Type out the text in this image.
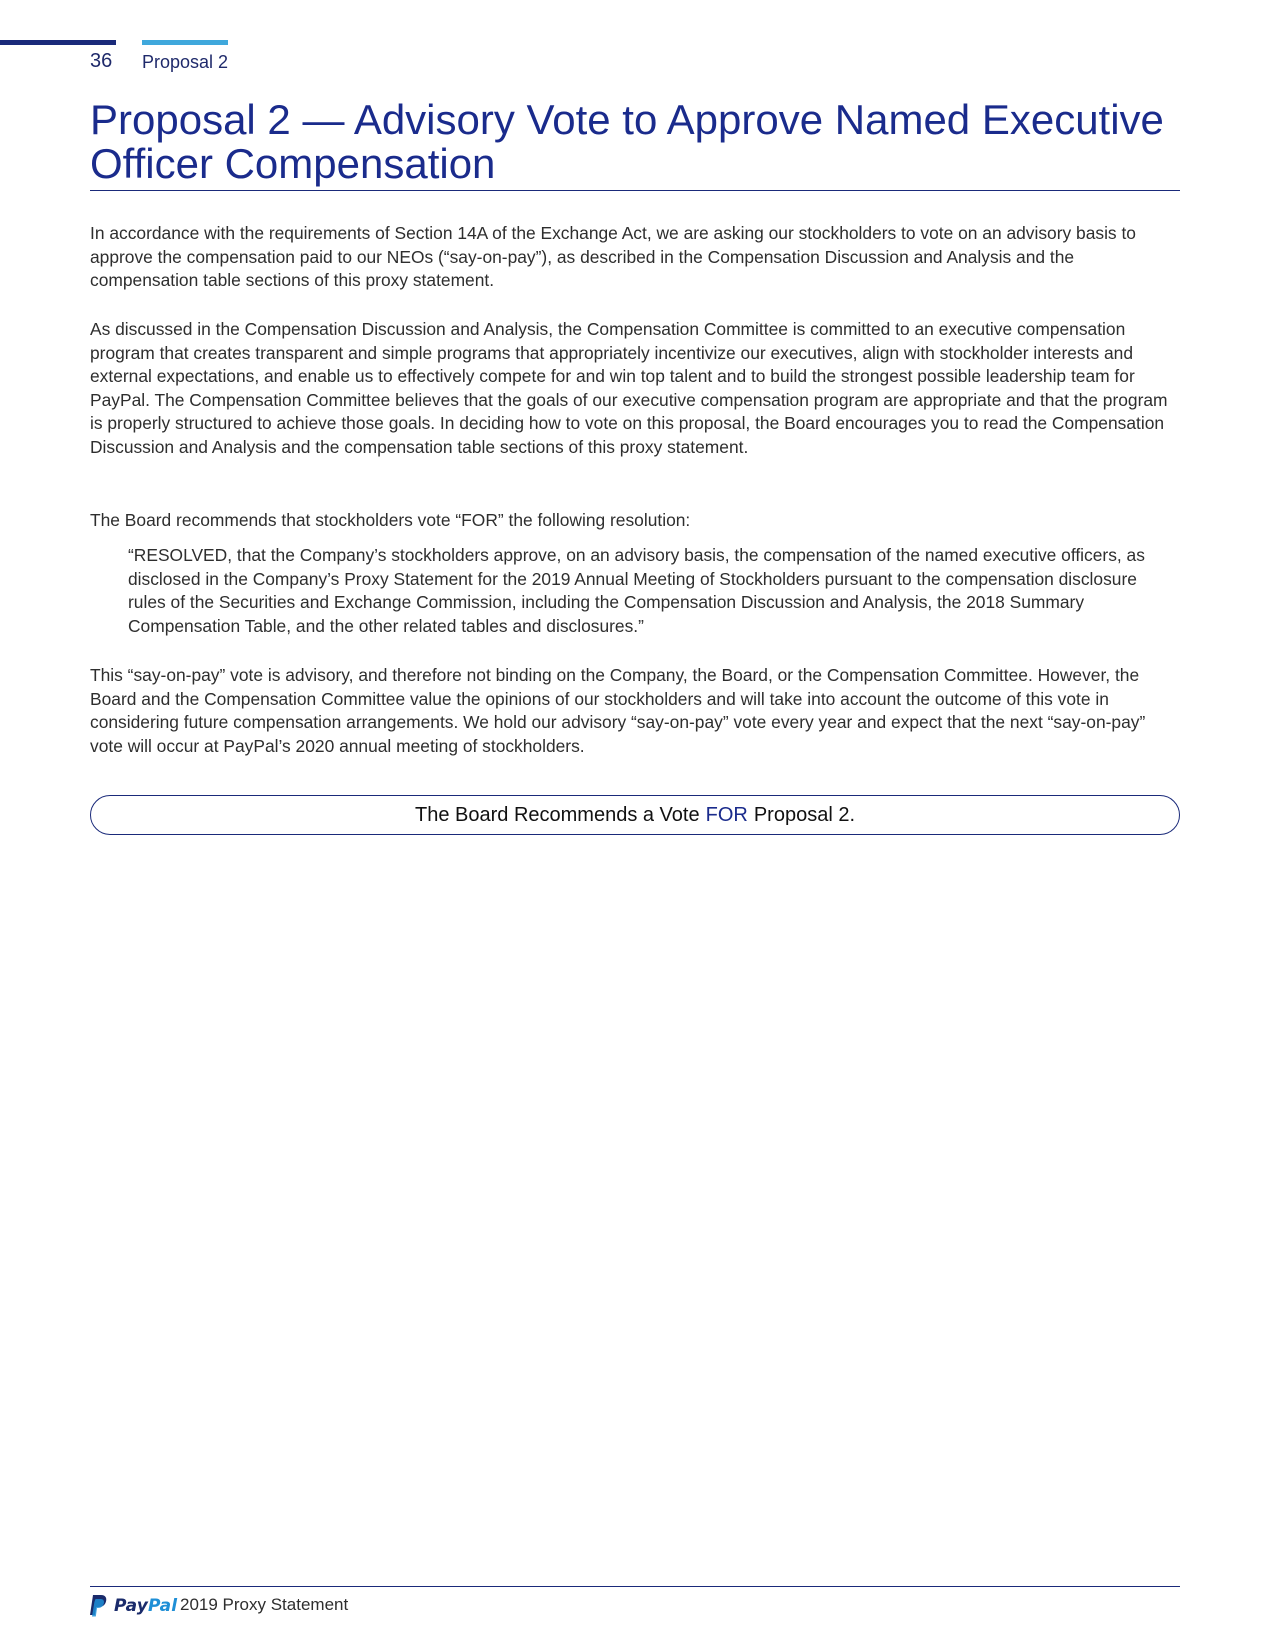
36 Proposal 2
Proposal 2 — Advisory Vote to Approve Named Executive Officer Compensation

In accordance with the requirements of Section 14A of the Exchange Act, we are asking our stockholders to vote on an advisory basis to approve the compensation paid to our NEOs (“say-on-pay”), as described in the Compensation Discussion and Analysis and the compensation table sections of this proxy statement.

As discussed in the Compensation Discussion and Analysis, the Compensation Committee is committed to an executive compensation program that creates transparent and simple programs that appropriately incentivize our executives, align with stockholder interests and external expectations, and enable us to effectively compete for and win top talent and to build the strongest possible leadership team for PayPal. The Compensation Committee believes that the goals of our executive compensation program are appropriate and that the program is properly structured to achieve those goals. In deciding how to vote on this proposal, the Board encourages you to read the Compensation Discussion and Analysis and the compensation table sections of this proxy statement.

The Board recommends that stockholders vote “FOR” the following resolution:

“RESOLVED, that the Company’s stockholders approve, on an advisory basis, the compensation of the named executive officers, as disclosed in the Company’s Proxy Statement for the 2019 Annual Meeting of Stockholders pursuant to the compensation disclosure rules of the Securities and Exchange Commission, including the Compensation Discussion and Analysis, the 2018 Summary Compensation Table, and the other related tables and disclosures.”

This “say-on-pay” vote is advisory, and therefore not binding on the Company, the Board, or the Compensation Committee. However, the Board and the Compensation Committee value the opinions of our stockholders and will take into account the outcome of this vote in considering future compensation arrangements. We hold our advisory “say-on-pay” vote every year and expect that the next “say-on-pay” vote will occur at PayPal’s 2020 annual meeting of stockholders.

The Board Recommends a Vote FOR Proposal 2.
PayPal 2019 Proxy Statement
